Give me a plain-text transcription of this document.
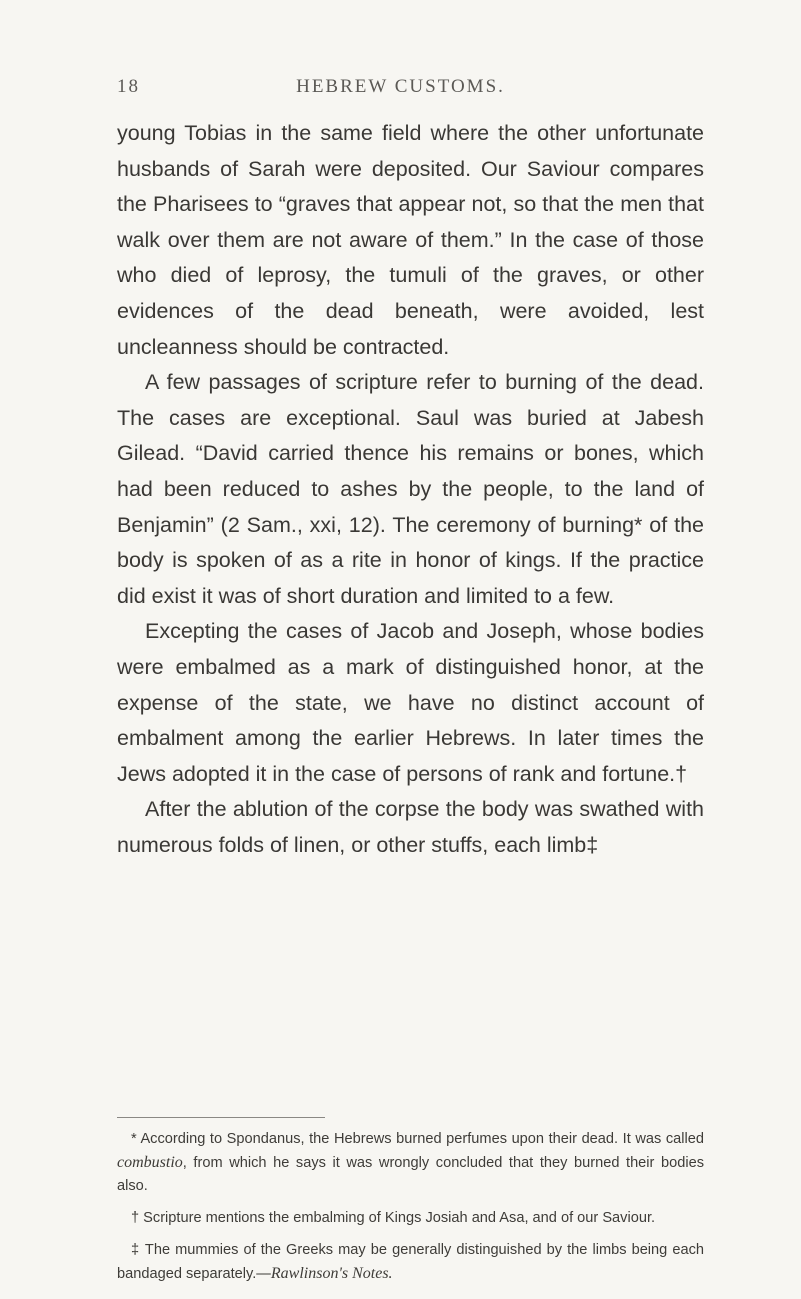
18	HEBREW CUSTOMS.

young Tobias in the same field where the other unfortunate husbands of Sarah were deposited. Our Saviour compares the Pharisees to “graves that appear not, so that the men that walk over them are not aware of them.” In the case of those who died of leprosy, the tumuli of the graves, or other evidences of the dead beneath, were avoided, lest uncleanness should be contracted.

A few passages of scripture refer to burning of the dead. The cases are exceptional. Saul was buried at Jabesh Gilead. “David carried thence his remains or bones, which had been reduced to ashes by the people, to the land of Benjamin” (2 Sam., xxi, 12). The ceremony of burning* of the body is spoken of as a rite in honor of kings. If the practice did exist it was of short duration and limited to a few.

Excepting the cases of Jacob and Joseph, whose bodies were embalmed as a mark of distinguished honor, at the expense of the state, we have no distinct account of embalment among the earlier Hebrews. In later times the Jews adopted it in the case of persons of rank and fortune.†

After the ablution of the corpse the body was swathed with numerous folds of linen, or other stuffs, each limb‡

* According to Spondanus, the Hebrews burned perfumes upon their dead. It was called combustio, from which he says it was wrongly concluded that they burned their bodies also.

† Scripture mentions the embalming of Kings Josiah and Asa, and of our Saviour.

‡ The mummies of the Greeks may be generally distinguished by the limbs being each bandaged separately.—Rawlinson's Notes.
